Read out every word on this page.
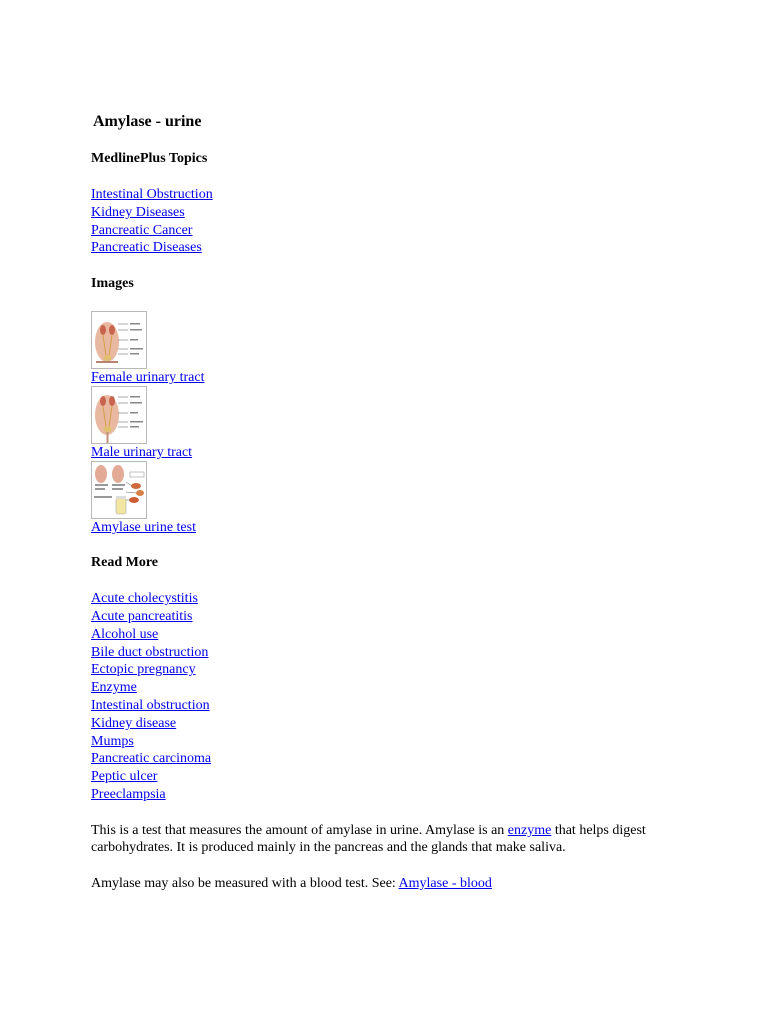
Amylase - urine
MedlinePlus Topics
Intestinal Obstruction
Kidney Diseases
Pancreatic Cancer
Pancreatic Diseases
Images
Female urinary tract
Male urinary tract
Amylase urine test
Read More
Acute cholecystitis
Acute pancreatitis
Alcohol use
Bile duct obstruction
Ectopic pregnancy
Enzyme
Intestinal obstruction
Kidney disease
Mumps
Pancreatic carcinoma
Peptic ulcer
Preeclampsia

This is a test that measures the amount of amylase in urine. Amylase is an enzyme that helps digest carbohydrates. It is produced mainly in the pancreas and the glands that make saliva.

Amylase may also be measured with a blood test. See: Amylase - blood
